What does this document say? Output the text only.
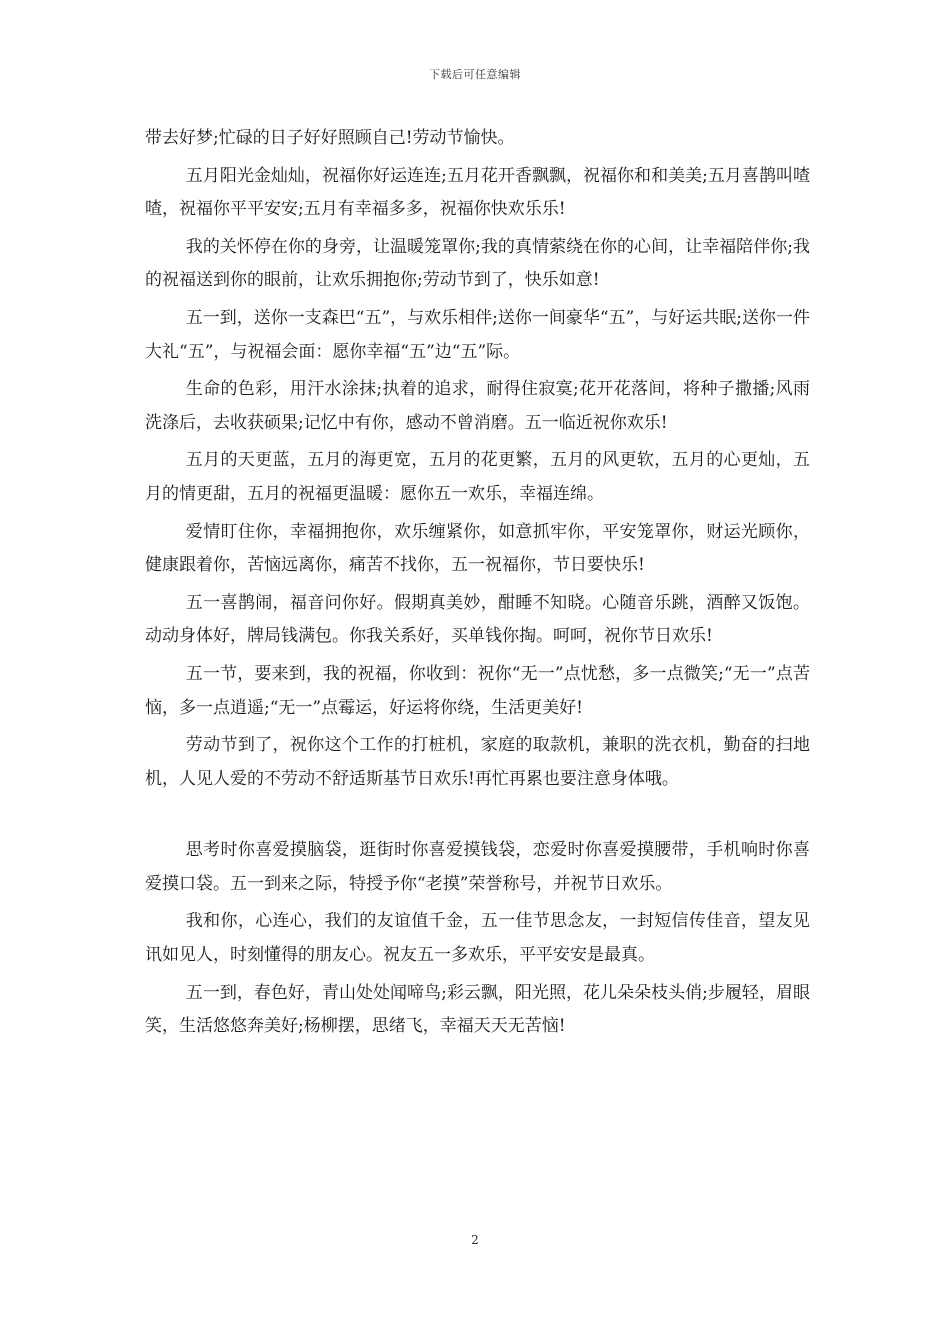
下载后可任意编辑

带去好梦;忙碌的日子好好照顾自己!劳动节愉快。

五月阳光金灿灿，祝福你好运连连;五月花开香飘飘，祝福你和和美美;五月喜鹊叫喳喳，祝福你平平安安;五月有幸福多多，祝福你快欢乐乐!

我的关怀停在你的身旁，让温暖笼罩你;我的真情萦绕在你的心间，让幸福陪伴你;我的祝福送到你的眼前，让欢乐拥抱你;劳动节到了，快乐如意!

五一到，送你一支森巴“五”，与欢乐相伴;送你一间豪华“五”，与好运共眠;送你一件大礼“五”，与祝福会面：愿你幸福“五”边“五”际。

生命的色彩，用汗水涂抹;执着的追求，耐得住寂寞;花开花落间，将种子撒播;风雨洗涤后，去收获硕果;记忆中有你，感动不曾消磨。五一临近祝你欢乐!

五月的天更蓝，五月的海更宽，五月的花更繁，五月的风更软，五月的心更灿，五月的情更甜，五月的祝福更温暖：愿你五一欢乐，幸福连绵。

爱情盯住你，幸福拥抱你，欢乐缠紧你，如意抓牢你，平安笼罩你，财运光顾你，健康跟着你，苦恼远离你，痛苦不找你，五一祝福你，节日要快乐!

五一喜鹊闹，福音问你好。假期真美妙，酣睡不知晓。心随音乐跳，酒醉又饭饱。动动身体好，牌局钱满包。你我关系好，买单钱你掏。呵呵，祝你节日欢乐!

五一节，要来到，我的祝福，你收到：祝你“无一”点忧愁，多一点微笑;“无一”点苦恼，多一点逍遥;“无一”点霉运，好运将你绕，生活更美好!

劳动节到了，祝你这个工作的打桩机，家庭的取款机，兼职的洗衣机，勤奋的扫地机，人见人爱的不劳动不舒适斯基节日欢乐!再忙再累也要注意身体哦。

思考时你喜爱摸脑袋，逛街时你喜爱摸钱袋，恋爱时你喜爱摸腰带，手机响时你喜爱摸口袋。五一到来之际，特授予你“老摸”荣誉称号，并祝节日欢乐。

我和你，心连心，我们的友谊值千金，五一佳节思念友，一封短信传佳音，望友见讯如见人，时刻懂得的朋友心。祝友五一多欢乐，平平安安是最真。

五一到，春色好，青山处处闻啼鸟;彩云飘，阳光照，花儿朵朵枝头俏;步履轻，眉眼笑，生活悠悠奔美好;杨柳摆，思绪飞，幸福天天无苦恼!

2
